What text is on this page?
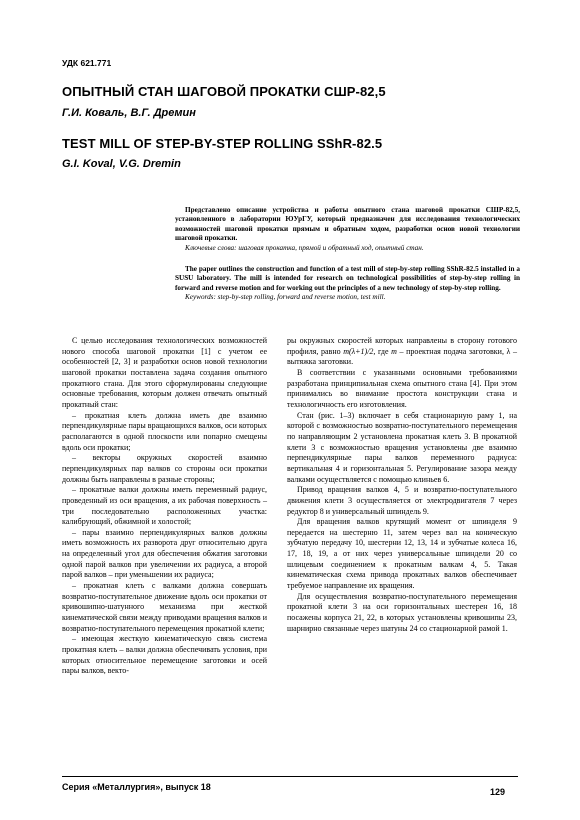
УДК 621.771
ОПЫТНЫЙ СТАН ШАГОВОЙ ПРОКАТКИ СШР-82,5
Г.И. Коваль, В.Г. Дремин
TEST MILL OF STEP-BY-STEP ROLLING SShR-82.5
G.I. Koval, V.G. Dremin
Представлено описание устройства и работы опытного стана шаговой прокатки СШР-82,5, установленного в лаборатории ЮУрГУ, который предназначен для исследования технологических возможностей шаговой прокатки прямым и обратным ходом, разработки основ новой технологии шаговой прокатки.
Ключевые слова: шаговая прокатка, прямой и обратный ход, опытный стан.
The paper outlines the construction and function of a test mill of step-by-step rolling SShR-82.5 installed in a SUSU laboratory. The mill is intended for research on technological possibilities of step-by-step rolling in forward and reverse motion and for working out the principles of a new technology of step-by-step rolling.
Keywords: step-by-step rolling, forward and reverse motion, test mill.

С целью исследования технологических возможностей нового способа шаговой прокатки [1] с учетом ее особенностей [2, 3] и разработки основ новой технологии шаговой прокатки поставлена задача создания опытного прокатного стана. Для этого сформулированы следующие основные требования, которым должен отвечать опытный прокатный стан:

– прокатная клеть должна иметь две взаимно перпендикулярные пары вращающихся валков, оси которых располагаются в одной плоскости или попарно смещены вдоль оси прокатки;

– векторы окружных скоростей взаимно перпендикулярных пар валков со стороны оси прокатки должны быть направлены в разные стороны;

– прокатные валки должны иметь переменный радиус, проведенный из оси вращения, а их рабочая поверхность – три последовательно расположенных участка: калибрующий, обжимной и холостой;

– пары взаимно перпендикулярных валков должны иметь возможность их разворота друг относительно друга на определенный угол для обеспечения обжатия заготовки одной парой валков при увеличении их радиуса, а второй парой валков – при уменьшении их радиуса;

– прокатная клеть с валками должна совершать возвратно-поступательное движение вдоль оси прокатки от кривошипно-шатунного механизма при жесткой кинематической связи между приводами вращения валков и возвратно-поступательного перемещения прокатной клети;

– имеющая жесткую кинематическую связь система прокатная клеть – валки должна обеспечивать условия, при которых относительное перемещение заготовки и осей пары валков, векто-

ры окружных скоростей которых направлены в сторону готового профиля, равно m(λ+1)/2, где m – проектная подача заготовки, λ – вытяжка заготовки.

В соответствии с указанными основными требованиями разработана принципиальная схема опытного стана [4]. При этом принимались во внимание простота конструкции стана и технологичность его изготовления.

Стан (рис. 1–3) включает в себя стационарную раму 1, на которой с возможностью возвратно-поступательного перемещения по направляющим 2 установлена прокатная клеть 3. В прокатной клети 3 с возможностью вращения установлены две взаимно перпендикулярные пары валков переменного радиуса: вертикальная 4 и горизонтальная 5. Регулирование зазора между валками осуществляется с помощью клиньев 6.

Привод вращения валков 4, 5 и возвратно-поступательного движения клети 3 осуществляется от электродвигателя 7 через редуктор 8 и универсальный шпиндель 9.

Для вращения валков крутящий момент от шпинделя 9 передается на шестерню 11, затем через вал на коническую зубчатую передачу 10, шестерни 12, 13, 14 и зубчатые колеса 16, 17, 18, 19, а от них через универсальные шпиндели 20 со шлицевым соединением к прокатным валкам 4, 5. Такая кинематическая схема привода прокатных валков обеспечивает требуемое направление их вращения.

Для осуществления возвратно-поступательного перемещения прокатной клети 3 на оси горизонтальных шестерен 16, 18 посажены корпуса 21, 22, в которых установлены кривошипы 23, шарнирно связанные через шатуны 24 со стационарной рамой 1.

Серия «Металлургия», выпуск 18	129
